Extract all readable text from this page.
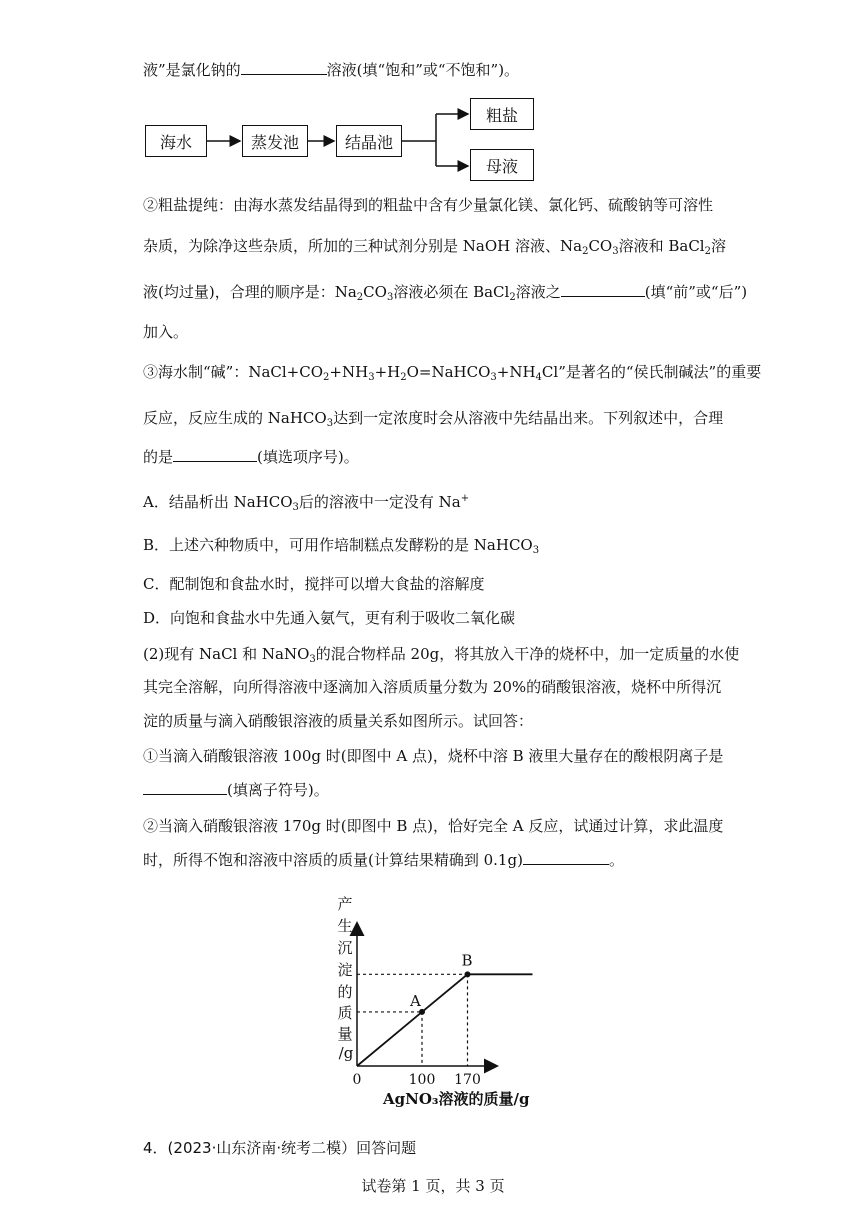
液”是氯化钠的	溶液(填“饱和”或“不饱和”)。
海水	蒸发池	结晶池
粗盐
母液
②粗盐提纯：由海水蒸发结晶得到的粗盐中含有少量氯化镁、氯化钙、硫酸钠等可溶性
杂质，为除净这些杂质，所加的三种试剂分别是 NaOH 溶液、$Na_2CO_3$溶液和 BaCl$_2$溶
液(均过量)，合理的顺序是：$Na_2CO_3$溶液必须在 BaCl$_2$溶液之	(填“前”或“后”)
加入。
③海水制“碱”：$NaCl+CO_2+NH_3+H_2O=NaHCO_3+NH_4Cl$”是著名的“侯氏制碱法”的重要
反应，反应生成的 NaHCO$_3$达到一定浓度时会从溶液中先结晶出来。下列叙述中，合理
的是	(填选项序号)。
A．结晶析出 NaHCO$_3$后的溶液中一定没有 Na+
B．上述六种物质中，可用作培制糕点发酵粉的是 NaHCO$_3$
C．配制饱和食盐水时，搅拌可以增大食盐的溶解度
D．向饱和食盐水中先通入氨气，更有利于吸收二氧化碳
(2)现有 NaCl 和 NaNO$_3$的混合物样品 20g，将其放入干净的烧杯中，加一定质量的水使
其完全溶解，向所得溶液中逐滴加入溶质质量分数为 20%的硝酸银溶液，烧杯中所得沉
淀的质量与滴入硝酸银溶液的质量关系如图所示。试回答：
①当滴入硝酸银溶液 100g 时(即图中 A 点)，烧杯中溶 B 液里大量存在的酸根阴离子是
(填离子符号)。
②当滴入硝酸银溶液 170g 时(即图中 B 点)，恰好完全 A 反应，试通过计算，求此温度
时，所得不饱和溶液中溶质的质量(计算结果精确到 0.1g)	。
产
生
沉
淀
的
质
量
/g
A
B
0	100 170
AgNO₃溶液的质量/g
4．(2023·山东济南·统考二模）回答问题
试卷第 1 页，共 3 页
